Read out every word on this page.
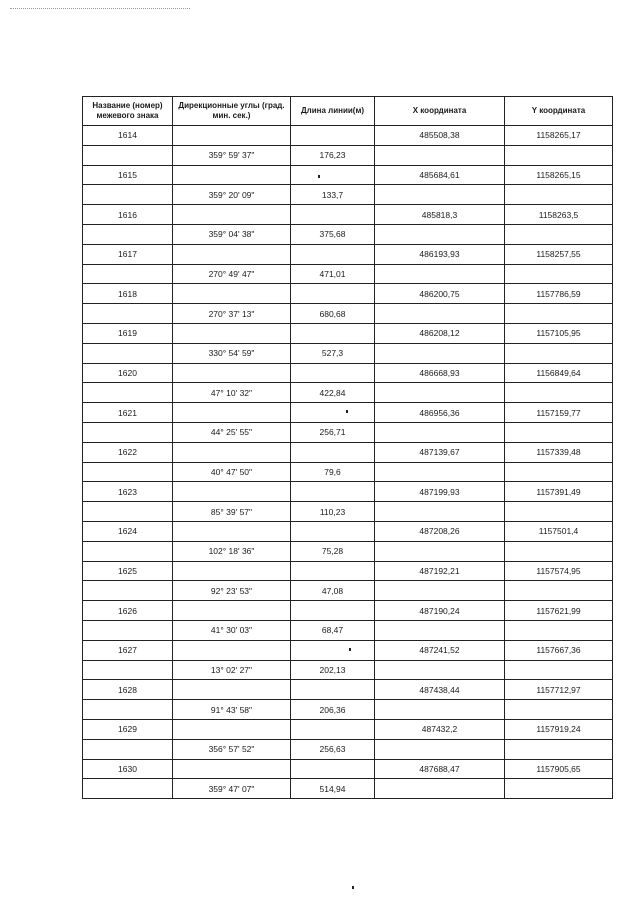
Название (номер) межевого знака	Дирекционные углы (град. мин. сек.)	Длина линии(м)	X координата	Y координата
1614			485508,38	1158265,17
	359° 59' 37"	176,23		
1615			485684,61	1158265,15
	359° 20' 09"	133,7		
1616			485818,3	1158263,5
	359° 04' 38"	375,68		
1617			486193,93	1158257,55
	270° 49' 47"	471,01		
1618			486200,75	1157786,59
	270° 37' 13"	680,68		
1619			486208,12	1157105,95
	330° 54' 59"	527,3		
1620			486668,93	1156849,64
	47° 10' 32"	422,84		
1621			486956,36	1157159,77
	44° 25' 55"	256,71		
1622			487139,67	1157339,48
	40° 47' 50"	79,6		
1623			487199,93	1157391,49
	85° 39' 57"	110,23		
1624			487208,26	1157501,4
	102° 18' 36"	75,28		
1625			487192,21	1157574,95
	92° 23' 53"	47,08		
1626			487190,24	1157621,99
	41° 30' 03"	68,47		
1627			487241,52	1157667,36
	13° 02' 27"	202,13		
1628			487438,44	1157712,97
	91° 43' 58"	206,36		
1629			487432,2	1157919,24
	356° 57' 52"	256,63		
1630			487688,47	1157905,65
	359° 47' 07"	514,94		
